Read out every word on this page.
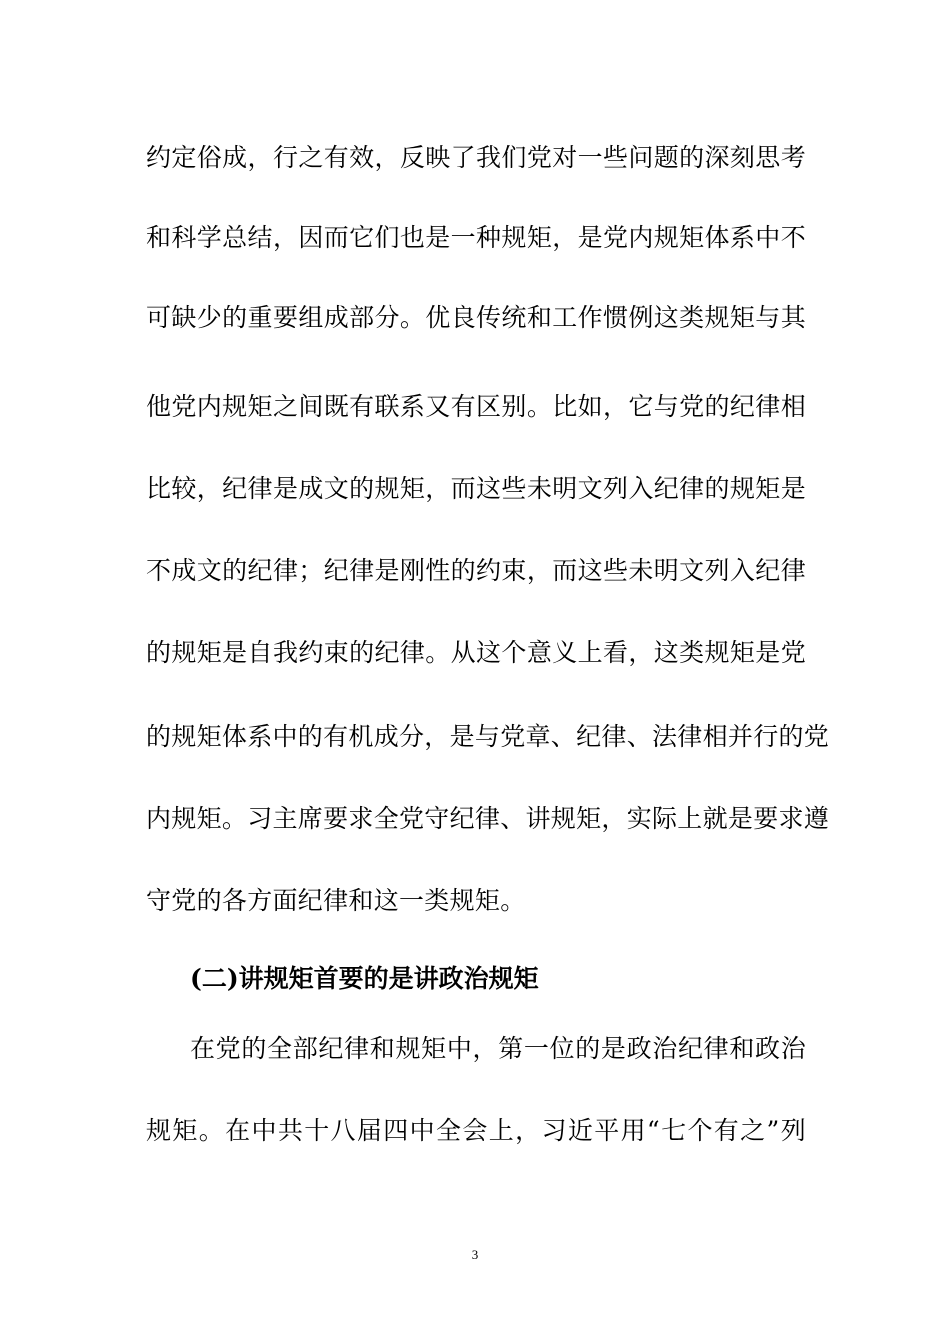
约定俗成，行之有效，反映了我们党对一些问题的深刻思考
和科学总结，因而它们也是一种规矩，是党内规矩体系中不
可缺少的重要组成部分。优良传统和工作惯例这类规矩与其
他党内规矩之间既有联系又有区别。比如，它与党的纪律相
比较，纪律是成文的规矩，而这些未明文列入纪律的规矩是
不成文的纪律；纪律是刚性的约束，而这些未明文列入纪律
的规矩是自我约束的纪律。从这个意义上看，这类规矩是党
的规矩体系中的有机成分，是与党章、纪律、法律相并行的党
内规矩。习主席要求全党守纪律、讲规矩，实际上就是要求遵
守党的各方面纪律和这一类规矩。
(二)讲规矩首要的是讲政治规矩
在党的全部纪律和规矩中，第一位的是政治纪律和政治
规矩。在中共十八届四中全会上，习近平用“七个有之”列
3
